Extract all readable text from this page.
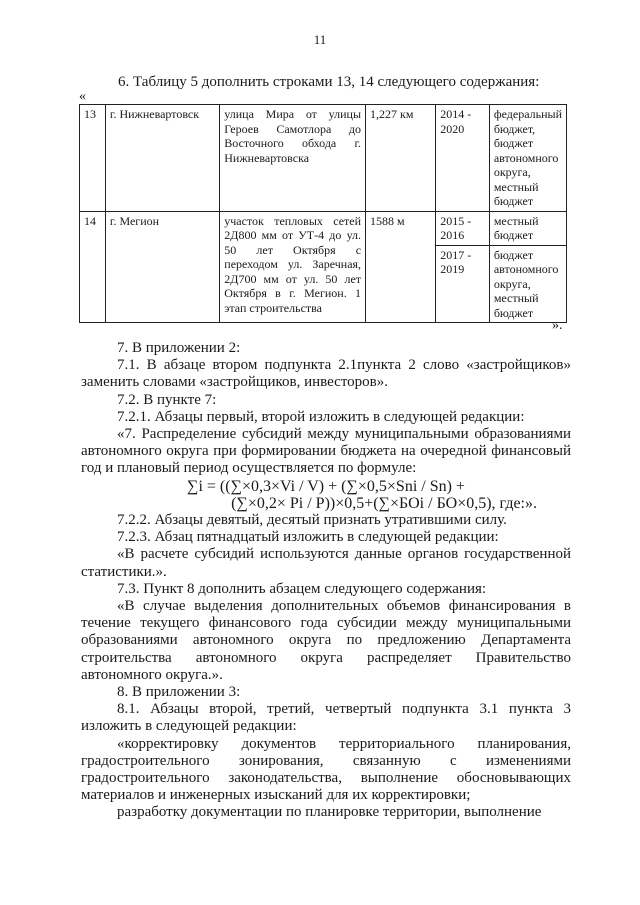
11
6. Таблицу 5 дополнить строками 13, 14 следующего содержания:
«
13	г. Нижневартовск	улица Мира от улицы Героев Самотлора до Восточного обхода г. Нижневартовска	1,227 км	2014 - 2020	федеральный бюджет, бюджет автономного округа, местный бюджет
14	г. Мегион	участок тепловых сетей 2Д800 мм от УТ-4 до ул. 50 лет Октября с переходом ул. Заречная, 2Д700 мм от ул. 50 лет Октября в г. Мегион. 1 этап строительства	1588 м	2015 - 2016	местный бюджет
				2017 - 2019	бюджет автономного округа, местный бюджет
».

7. В приложении 2:

7.1. В абзаце втором подпункта 2.1пункта 2 слово «застройщиков» заменить словами «застройщиков, инвесторов».

7.2. В пункте 7:

7.2.1. Абзацы первый, второй изложить в следующей редакции:

«7. Распределение субсидий между муниципальными образованиями автономного округа при формировании бюджета на очередной финансовый год и плановый период осуществляется по формуле:

∑i = ((∑×0,3×Vi / V) + (∑×0,5×Sni / Sn) +

(∑×0,2× Pi / P))×0,5+(∑×БОi / БО×0,5), где:».

7.2.2. Абзацы девятый, десятый признать утратившими силу.

7.2.3. Абзац пятнадцатый изложить в следующей редакции:

«В расчете субсидий используются данные органов государственной статистики.».

7.3. Пункт 8 дополнить абзацем следующего содержания:

«В случае выделения дополнительных объемов финансирования в течение текущего финансового года субсидии между муниципальными образованиями автономного округа по предложению Департамента строительства автономного округа распределяет Правительство автономного округа.».

8. В приложении 3:

8.1. Абзацы второй, третий, четвертый подпункта 3.1 пункта 3 изложить в следующей редакции:

«корректировку документов территориального планирования, градостроительного зонирования, связанную с изменениями градостроительного законодательства, выполнение обосновывающих материалов и инженерных изысканий для их корректировки;

разработку документации по планировке территории, выполнение
